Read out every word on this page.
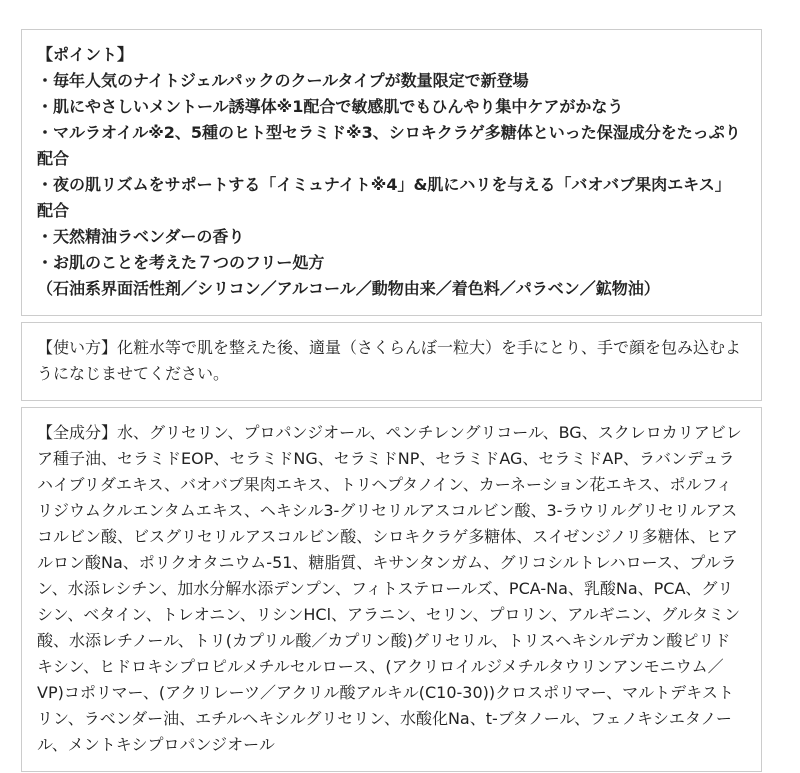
【ポイント】

・毎年人気のナイトジェルパックのクールタイプが数量限定で新登場

・肌にやさしいメントール誘導体※1配合で敏感肌でもひんやり集中ケアがかなう

・マルラオイル※2、5種のヒト型セラミド※3、シロキクラゲ多糖体といった保湿成分をたっぷり配合

・夜の肌リズムをサポートする「イミュナイト※4」&肌にハリを与える「バオバブ果肉エキス」配合

・天然精油ラベンダーの香り

・お肌のことを考えた７つのフリー処方

（石油系界面活性剤／シリコン／アルコール／動物由来／着色料／パラベン／鉱物油）

【使い方】化粧水等で肌を整えた後、適量（さくらんぼ一粒大）を手にとり、手で顔を包み込むようになじませてください。

【全成分】水、グリセリン、プロパンジオール、ペンチレングリコール、BG、スクレロカリアビレア種子油、セラミドEOP、セラミドNG、セラミドNP、セラミドAG、セラミドAP、ラバンデュラハイブリダエキス、バオバブ果肉エキス、トリヘプタノイン、カーネーション花エキス、ポルフィリジウムクルエンタムエキス、ヘキシル3-グリセリルアスコルビン酸、3-ラウリルグリセリルアスコルビン酸、ビスグリセリルアスコルビン酸、シロキクラゲ多糖体、スイゼンジノリ多糖体、ヒアルロン酸Na、ポリクオタニウム-51、糖脂質、キサンタンガム、グリコシルトレハロース、プルラン、水添レシチン、加水分解水添デンプン、フィトステロールズ、PCA-Na、乳酸Na、PCA、グリシン、ベタイン、トレオニン、リシンHCl、アラニン、セリン、プロリン、アルギニン、グルタミン酸、水添レチノール、トリ(カプリル酸／カプリン酸)グリセリル、トリスヘキシルデカン酸ピリドキシン、ヒドロキシプロピルメチルセルロース、(アクリロイルジメチルタウリンアンモニウム／VP)コポリマー、(アクリレーツ／アクリル酸アルキル(C10-30))クロスポリマー、マルトデキストリン、ラベンダー油、エチルヘキシルグリセリン、水酸化Na、t-ブタノール、フェノキシエタノール、メントキシプロパンジオール
